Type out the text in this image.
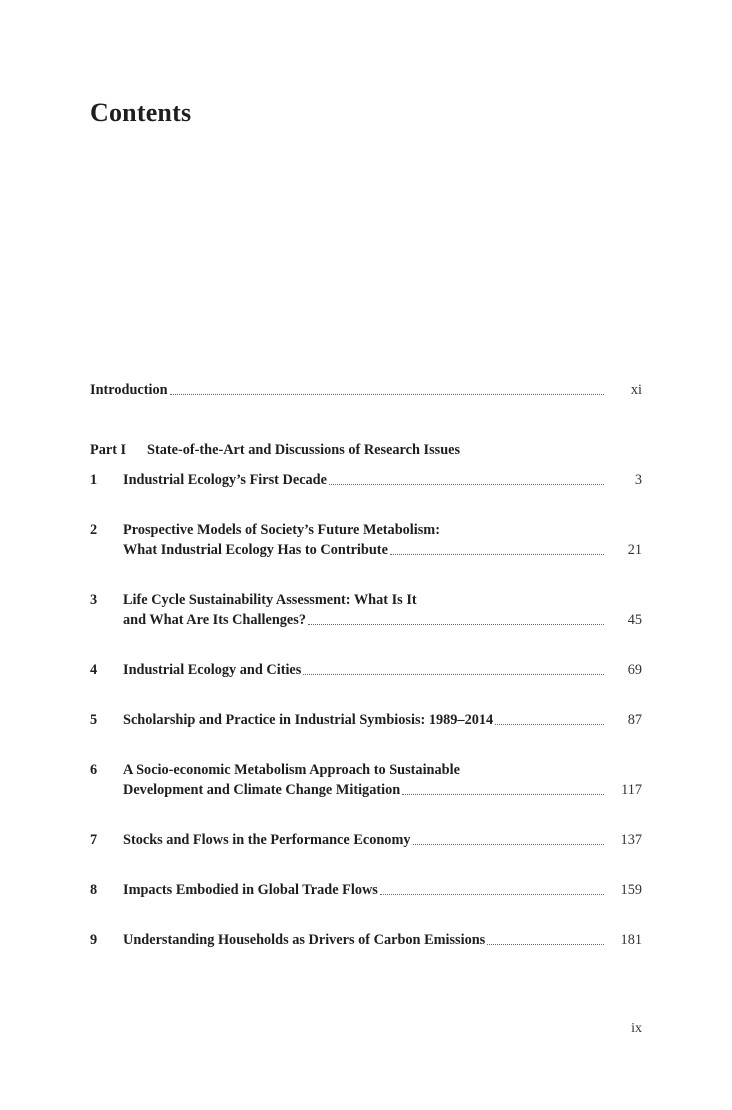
Contents
Introduction	xi
Part I State-of-the-Art and Discussions of Research Issues
1	Industrial Ecology’s First Decade	3
2	Prospective Models of Society’s Future Metabolism:
What Industrial Ecology Has to Contribute	21
3	Life Cycle Sustainability Assessment: What Is It
and What Are Its Challenges?	45
4	Industrial Ecology and Cities	69
5	Scholarship and Practice in Industrial Symbiosis: 1989–2014	87
6	A Socio-economic Metabolism Approach to Sustainable
Development and Climate Change Mitigation	117
7	Stocks and Flows in the Performance Economy	137
8	Impacts Embodied in Global Trade Flows	159
9	Understanding Households as Drivers of Carbon Emissions	181
ix
